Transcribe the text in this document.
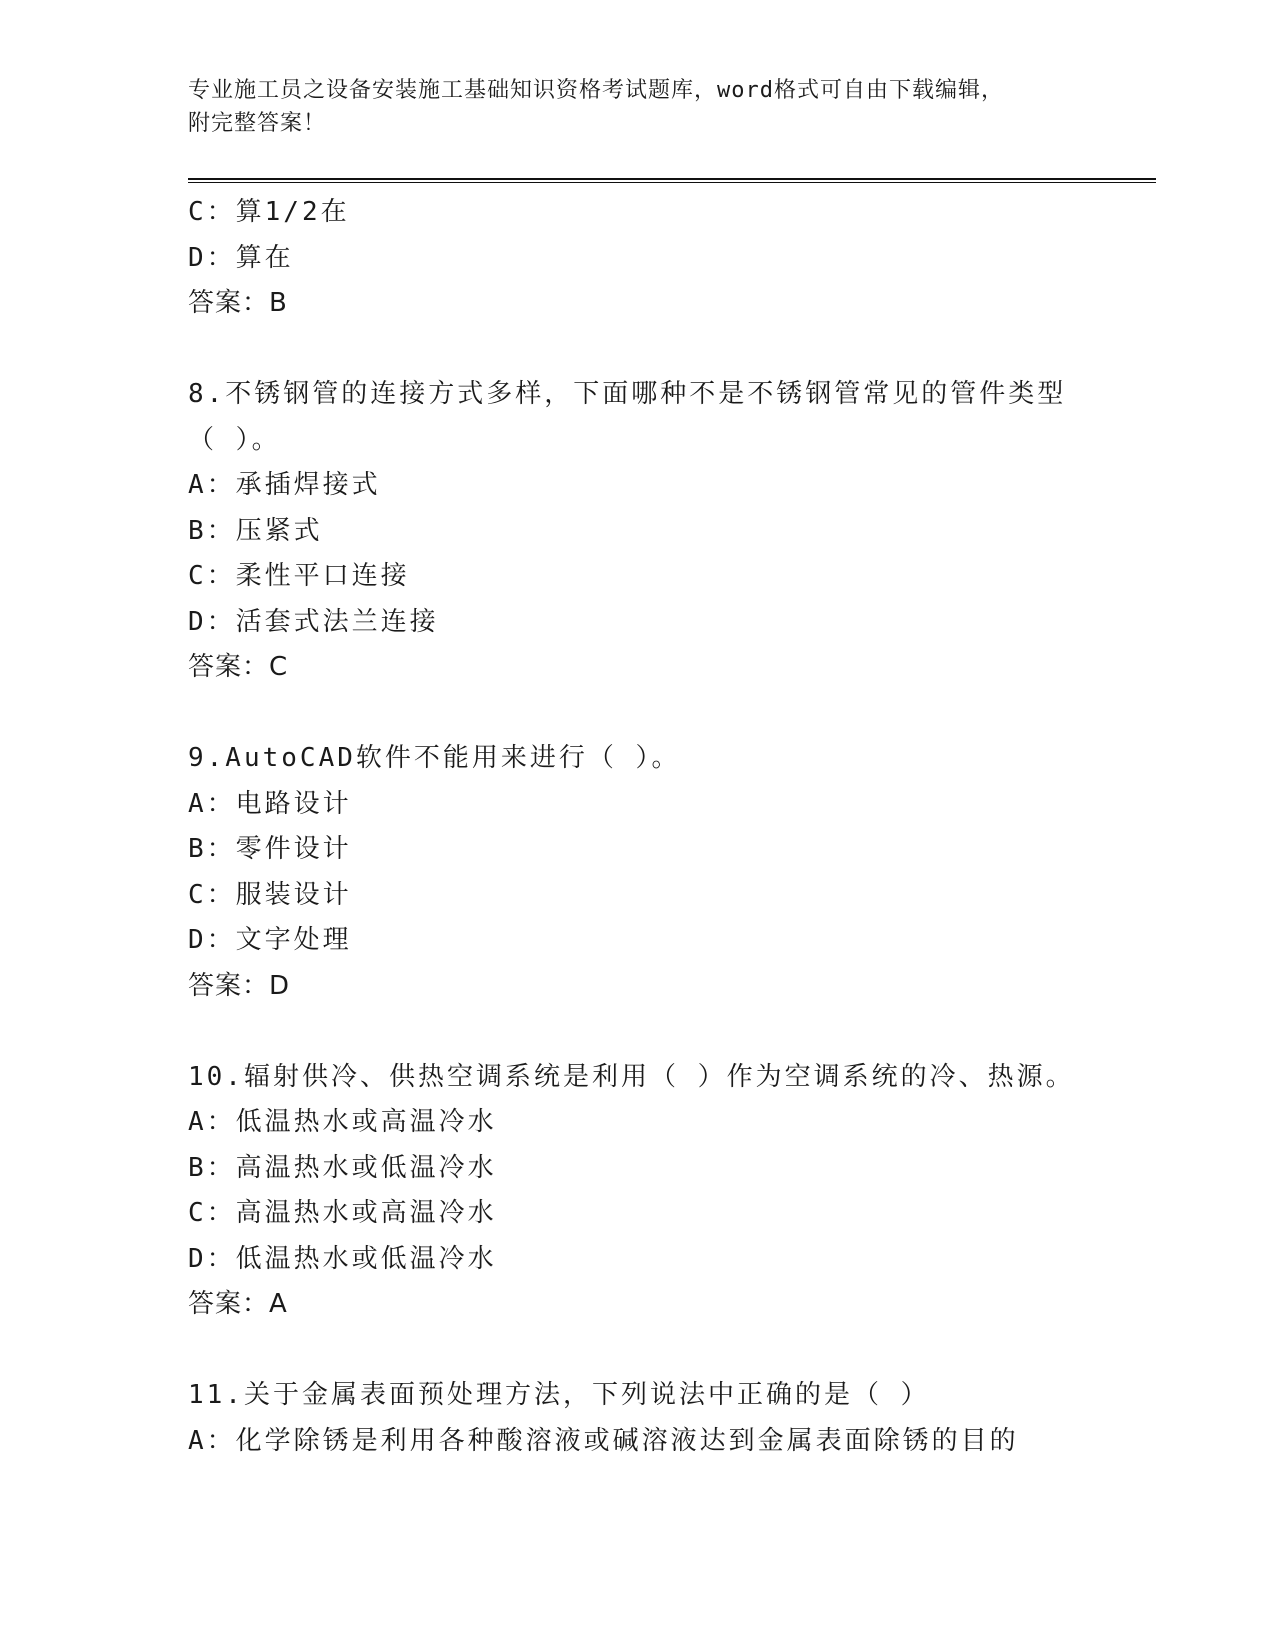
专业施工员之设备安装施工基础知识资格考试题库，word格式可自由下载编辑，
附完整答案！
C：算1/2在
D：算在
答案：B
8.不锈钢管的连接方式多样，下面哪种不是不锈钢管常见的管件类型
（ ）。
A：承插焊接式
B：压紧式
C：柔性平口连接
D：活套式法兰连接
答案：C
9.AutoCAD软件不能用来进行（ ）。
A：电路设计
B：零件设计
C：服装设计
D：文字处理
答案：D
10.辐射供冷、供热空调系统是利用（ ）作为空调系统的冷、热源。
A：低温热水或高温冷水
B：高温热水或低温冷水
C：高温热水或高温冷水
D：低温热水或低温冷水
答案：A
11.关于金属表面预处理方法，下列说法中正确的是（ ）
A：化学除锈是利用各种酸溶液或碱溶液达到金属表面除锈的目的
